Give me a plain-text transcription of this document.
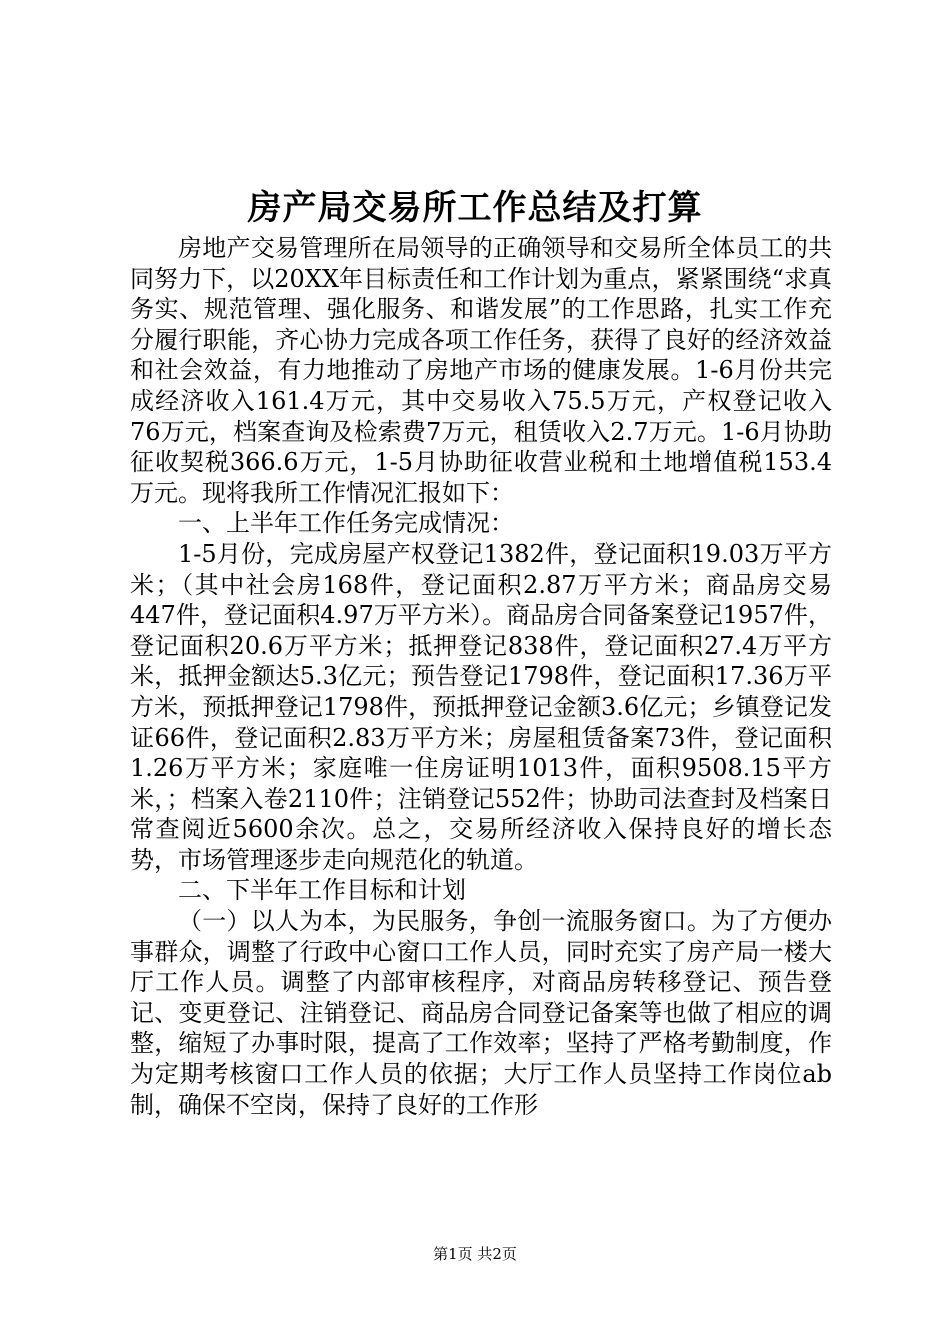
房产局交易所工作总结及打算

房地产交易管理所在局领导的正确领导和交易所全体员工的共同努力下，以20XX年目标责任和工作计划为重点，紧紧围绕“求真务实、规范管理、强化服务、和谐发展”的工作思路，扎实工作充分履行职能，齐心协力完成各项工作任务，获得了良好的经济效益和社会效益，有力地推动了房地产市场的健康发展。1-6月份共完成经济收入161.4万元，其中交易收入75.5万元，产权登记收入76万元，档案查询及检索费7万元，租赁收入2.7万元。1-6月协助征收契税366.6万元，1-5月协助征收营业税和土地增值税153.4万元。现将我所工作情况汇报如下：

一、上半年工作任务完成情况：

1-5月份，完成房屋产权登记1382件，登记面积19.03万平方米；（其中社会房168件，登记面积2.87万平方米；商品房交易447件，登记面积4.97万平方米）。商品房合同备案登记1957件，登记面积20.6万平方米；抵押登记838件，登记面积27.4万平方米，抵押金额达5.3亿元；预告登记1798件，登记面积17.36万平方米，预抵押登记1798件，预抵押登记金额3.6亿元；乡镇登记发证66件，登记面积2.83万平方米；房屋租赁备案73件，登记面积1.26万平方米；家庭唯一住房证明1013件，面积9508.15平方米，；档案入卷2110件；注销登记552件；协助司法查封及档案日常查阅近5600余次。总之，交易所经济收入保持良好的增长态势，市场管理逐步走向规范化的轨道。

二、下半年工作目标和计划

（一）以人为本，为民服务，争创一流服务窗口。为了方便办事群众，调整了行政中心窗口工作人员，同时充实了房产局一楼大厅工作人员。调整了内部审核程序，对商品房转移登记、预告登记、变更登记、注销登记、商品房合同登记备案等也做了相应的调整，缩短了办事时限，提高了工作效率；坚持了严格考勤制度，作为定期考核窗口工作人员的依据；大厅工作人员坚持工作岗位ab制，确保不空岗，保持了良好的工作形

第1页 共2页
